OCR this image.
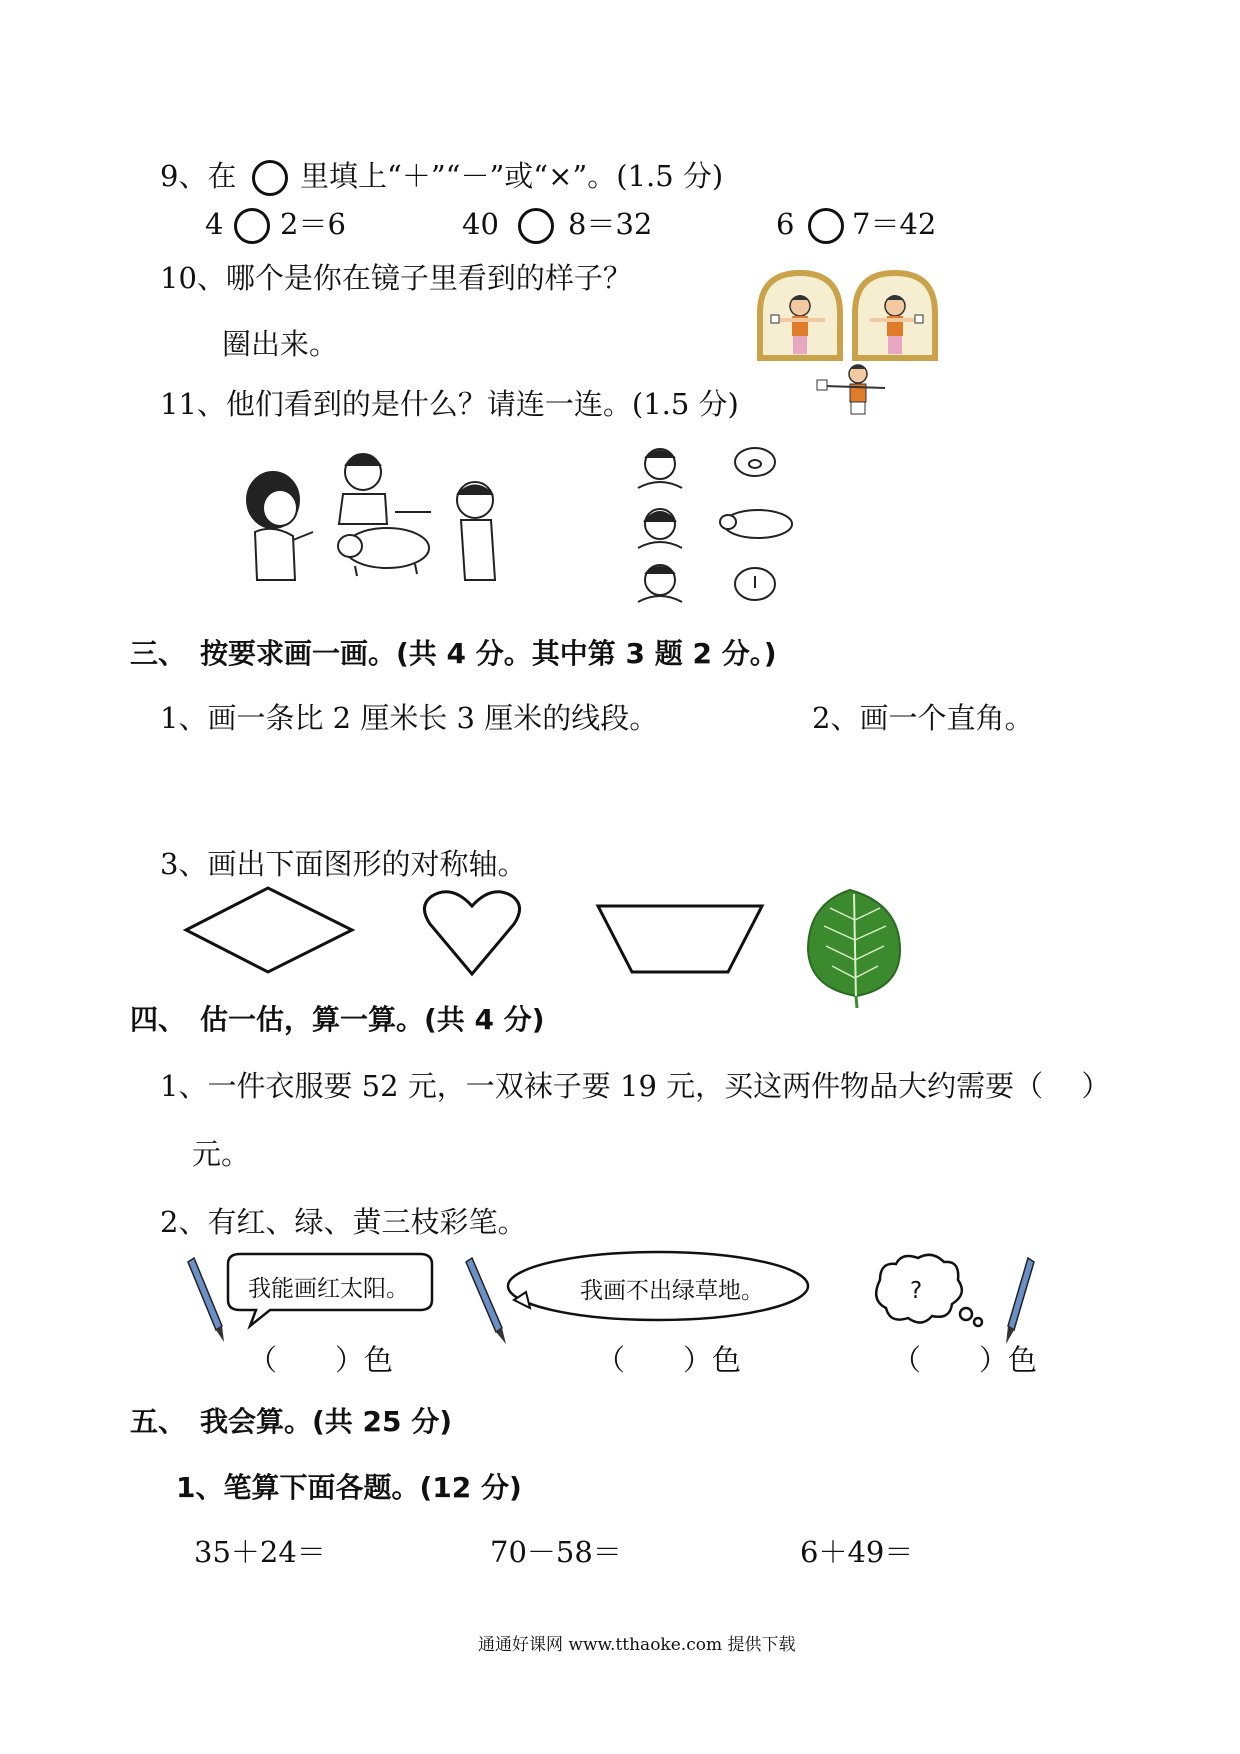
9、在 里填上“＋”“－”或“×”。(1.5 分)
4 2＝6	40 8＝32	6 7＝42
10、哪个是你在镜子里看到的样子？
圈出来。
11、他们看到的是什么？请连一连。(1.5 分)
三、　按要求画一画。(共 4 分。其中第 3 题 2 分。)
1、画一条比 2 厘米长 3 厘米的线段。	2、画一个直角。
3、画出下面图形的对称轴。
四、　估一估，算一算。(共 4 分)
1、一件衣服要 52 元，一双袜子要 19 元，买这两件物品大约需要（　 ）
元。
2、有红、绿、黄三枝彩笔。
我能画红太阳。	我画不出绿草地。	?
（　　）色	（　　）色	（　　）色
五、　我会算。(共 25 分)
1、笔算下面各题。(12 分)
35＋24＝	70－58＝	6＋49＝
通通好课网 www.tthaoke.com 提供下载
